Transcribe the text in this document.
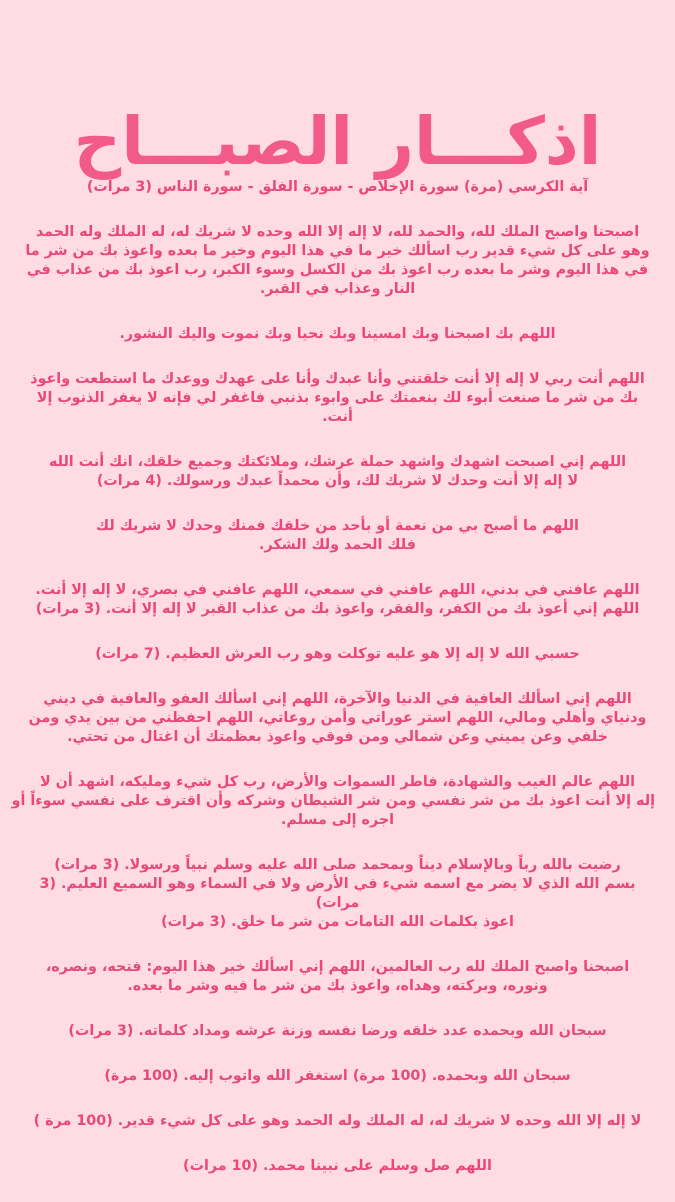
اذكـــار الصبـــاح
آية الكرسي (مرة) سورة الإخلاص - سورة الفلق - سورة الناس (3 مرات)
اصبحنا واصبح الملك لله، والحمد لله، لا إله إلا الله وحده لا شريك له، له الملك وله الحمد
وهو على كل شيء قدير رب اسألك خير ما في هذا اليوم وخير ما بعده واعوذ بك من شر ما
في هذا اليوم وشر ما بعده رب اعوذ بك من الكسل وسوء الكبر، رب اعوذ بك من عذاب في
النار وعذاب في القبر.
اللهم بك اصبحنا وبك امسينا وبك نحيا وبك نموت واليك النشور.
اللهم أنت ربي لا إله إلا أنت خلقتني وأنا عبدك وأنا على عهدك ووعدك ما استطعت واعوذ
بك من شر ما صنعت أبوء لك بنعمتك على وابوء بذنبي فاغفر لي فإنه لا يغفر الذنوب إلا
أنت.
اللهم إني اصبحت اشهدك واشهد حملة عرشك، وملائكتك وجميع خلقك، انك أنت الله
لا إله إلا أنت وحدك لا شريك لك، وأن محمداً عبدك ورسولك. (4 مرات)
اللهم ما أصبح بي من نعمة أو بأحد من خلقك فمنك وحدك لا شريك لك
فلك الحمد ولك الشكر.
اللهم عافني في بدني، اللهم عافني في سمعي، اللهم عافني في بصري، لا إله إلا أنت.
اللهم إني أعوذ بك من الكفر، والفقر، واعوذ بك من عذاب القبر لا إله إلا أنت. (3 مرات)
حسبي الله لا إله إلا هو عليه توكلت وهو رب العرش العظيم. (7 مرات)
اللهم إني اسألك العافية في الدنيا والآخرة، اللهم إني اسألك العفو والعافية في ديني
ودنياي وأهلي ومالي، اللهم استر عوراتي وأمن روعاتي، اللهم احفظني من بين يدي ومن
خلفي وعن يميني وعن شمالي ومن فوقي واعوذ بعظمتك أن اغتال من تحتي.
اللهم عالم الغيب والشهادة، فاطر السموات والأرض، رب كل شيء ومليكه، اشهد أن لا
إله إلا أنت اعوذ بك من شر نفسي ومن شر الشيطان وشركه وأن اقترف على نفسي سوءاً أو
اجره إلى مسلم.
رضيت بالله رباً وبالإسلام ديناً وبمحمد صلى الله عليه وسلم نبياً ورسولا. (3 مرات)
بسم الله الذي لا يضر مع اسمه شيء في الأرض ولا في السماء وهو السميع العليم. (3
مرات)
اعوذ بكلمات الله التامات من شر ما خلق. (3 مرات)
اصبحنا واصبح الملك لله رب العالمين، اللهم إني اسألك خير هذا اليوم: فتحه، ونصره،
ونوره، وبركته، وهداه، واعوذ بك من شر ما فيه وشر ما بعده.
سبحان الله وبحمده عدد خلقه ورضا نفسه وزنة عرشه ومداد كلماته. (3 مرات)
سبحان الله وبحمده. (100 مرة) استغفر الله واتوب إليه. (100 مرة)
لا إله إلا الله وحده لا شريك له، له الملك وله الحمد وهو على كل شيء قدير. (100 مرة )
اللهم صل وسلم على نبينا محمد. (10 مرات)
